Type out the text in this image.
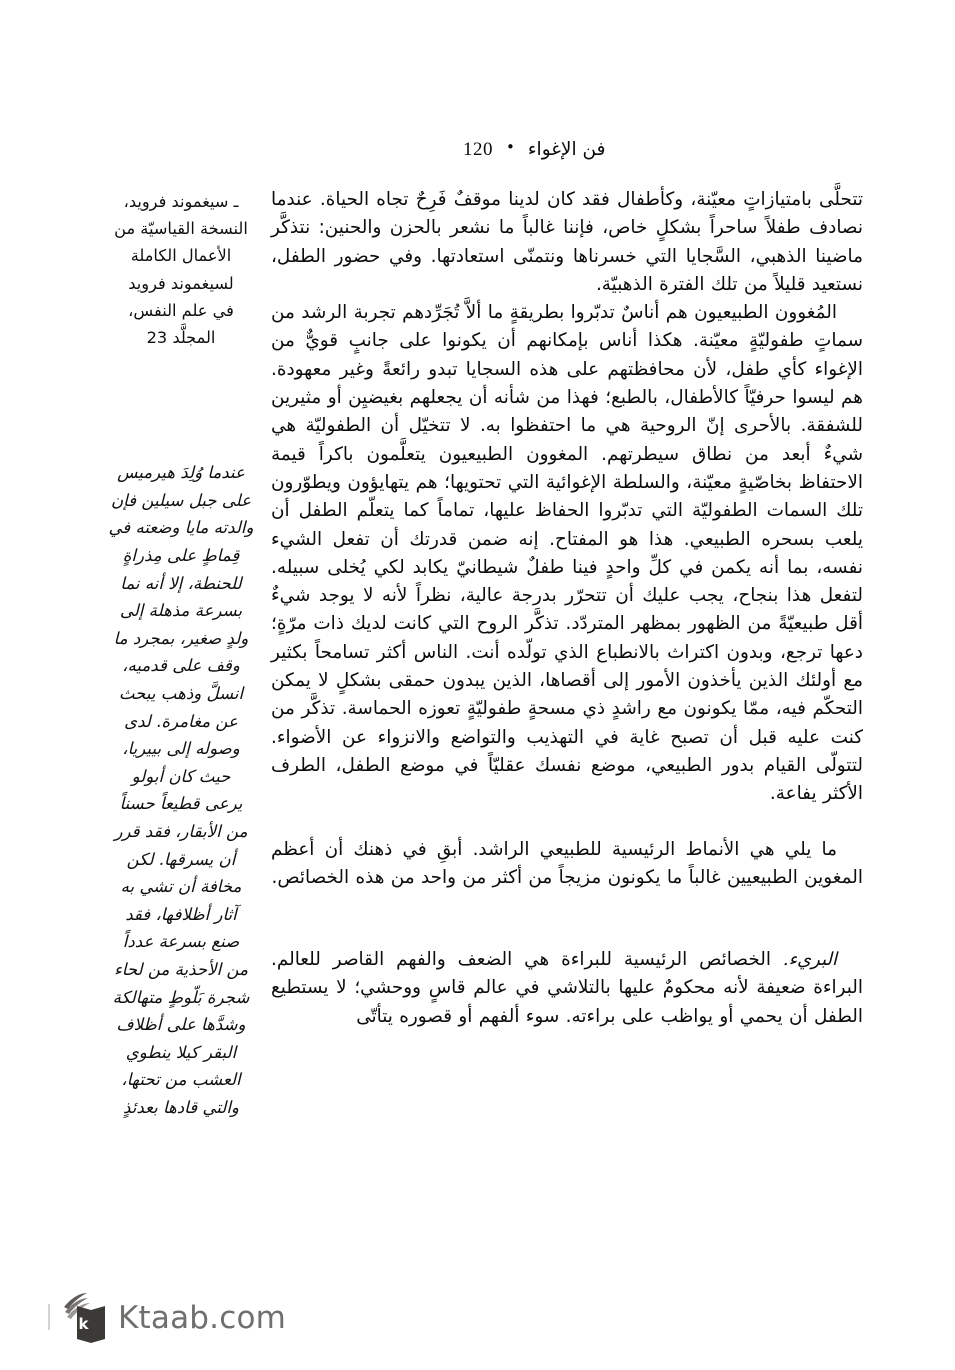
فن الإغواء
•
120

تتحلَّى بامتيازاتٍ معيّنة، وكأطفال فقد كان لدينا موقفٌ فَرِحٌ تجاه الحياة. عندما نصادف طفلاً ساحراً بشكلٍ خاص، فإننا غالباً ما نشعر بالحزن والحنين: نتذكَّر ماضينا الذهبي، السَّجايا التي خسرناها ونتمنّى استعادتها. وفي حضور الطفل، نستعيد قليلاً من تلك الفترة الذهبيّة.

المُغوون الطبيعيون هم أناسٌ تدبّروا بطريقةٍ ما ألاَّ تُجَرِّدهم تجربة الرشد من سماتٍ طفوليّةٍ معيّنة. هكذا أناس بإمكانهم أن يكونوا على جانبٍ قويٌّ من الإغواء كأي طفل، لأن محافظتهم على هذه السجايا تبدو رائعةً وغير معهودة. هم ليسوا حرفيّاً كالأطفال، بالطبع؛ فهذا من شأنه أن يجعلهم بغيضيِن أو مثيرين للشفقة. بالأحرى إنّ الروحية هي ما احتفظوا به. لا تتخيّل أن الطفوليّة هي شيءٌ أبعد من نطاق سيطرتهم. المغوون الطبيعيون يتعلَّمون باكراً قيمة الاحتفاظ بخاصّيةٍ معيّنة، والسلطة الإغوائية التي تحتويها؛ هم يتهايؤون ويطوّرون تلك السمات الطفوليّة التي تدبّروا الحفاظ عليها، تماماً كما يتعلّم الطفل أن يلعب بسحره الطبيعي. هذا هو المفتاح. إنه ضمن قدرتك أن تفعل الشيء نفسه، بما أنه يكمن في كلِّ واحدٍ فينا طفلٌ شيطانيّ يكابد لكي يُخلى سبيله. لتفعل هذا بنجاح، يجب عليك أن تتحرّر بدرجة عالية، نظراً لأنه لا يوجد شيءٌ أقل طبيعيّةً من الظهور بمظهر المتردّد. تذكَّر الروح التي كانت لديك ذات مرّةٍ؛ دعها ترجع، وبدون اكتراث بالانطباع الذي تولّده أنت. الناس أكثر تسامحاً بكثير مع أولئك الذين يأخذون الأمور إلى أقصاها، الذين يبدون حمقى بشكلٍ لا يمكن التحكّم فيه، ممّا يكونون مع راشدٍ ذي مسحةٍ طفوليّةٍ تعوزه الحماسة. تذكَّر من كنت عليه قبل أن تصبح غاية في التهذيب والتواضع والانزواء عن الأضواء. لتتولّى القيام بدور الطبيعي، موضع نفسك عقليّاً في موضع الطفل، الطرف الأكثر يفاعة.

ما يلي هي الأنماط الرئيسية للطبيعي الراشد. أبقِ في ذهنك أن أعظم المغوين الطبيعيين غالباً ما يكونون مزيجاً من أكثر من واحد من هذه الخصائص.

البريء. الخصائص الرئيسية للبراءة هي الضعف والفهم القاصر للعالم. البراءة ضعيفة لأنه محكومٌ عليها بالتلاشي في عالم قاسٍ ووحشي؛ لا يستطيع الطفل أن يحمي أو يواظب على براءته. سوء ألفهم أو قصوره يتأتّى

ـ سيغموند فرويد،
النسخة القياسيّة من
الأعمال الكاملة
لسيغموند فرويد
في علم النفس،
المجلَّد 23
عندما وُلِدَ هيرميس
على جبل سيلين فإن
والدته مايا وضعته في
قِماطٍ على مِذراةٍ
للحنطة، إلا أنه نما
بسرعة مذهلة إلى
ولدٍ صغير، بمجرد ما
وقف على قدميه،
انسلَّ وذهب يبحث
عن مغامرة. لدى
وصوله إلى بييريا،
حيث كان أبولو
يرعى قطيعاً حسناً
من الأبقار، فقد قرر
أن يسرقها. لكن
مخافة أن تشي به
آثار أظلافها، فقد
صنع بسرعة عدداً
من الأحذية من لحاء
شجرة بَلّوطٍ متهالكة
وشدَّها على أظلاف
البقر كيلا ينطوي
العشب من تحتها،
والتي قادها بعدئذٍ
k Ktaab.com
